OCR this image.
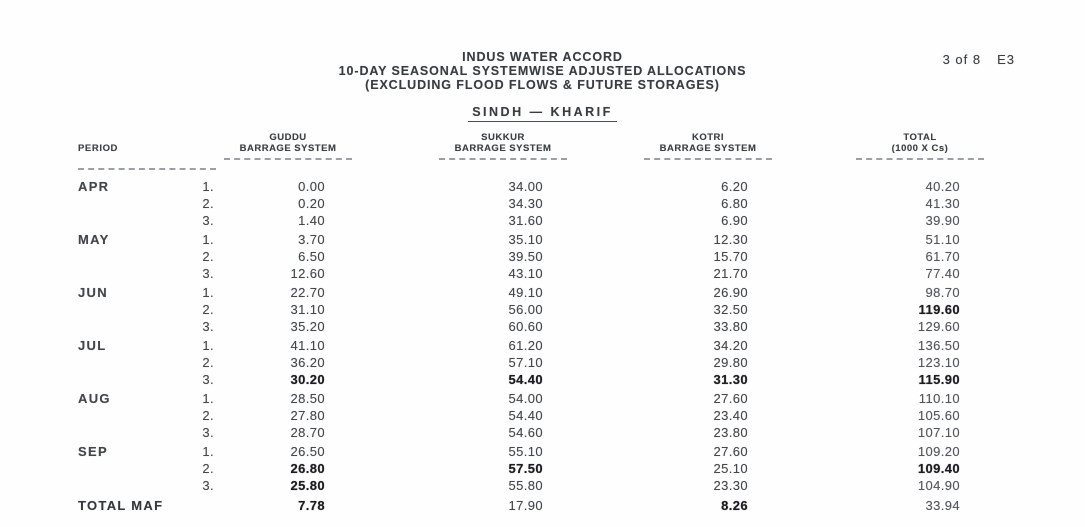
3 of 8 E3
INDUS WATER ACCORD
10-DAY SEASONAL SYSTEMWISE ADJUSTED ALLOCATIONS
(EXCLUDING FLOOD FLOWS & FUTURE STORAGES)
SINDH — KHARIF
PERIOD
GUDDU
BARRAGE SYSTEM
SUKKUR
BARRAGE SYSTEM
KOTRI
BARRAGE SYSTEM
TOTAL
(1000 X Cs)
APR	1.	0.00	34.00	6.20	40.20
2.	0.20	34.30	6.80	41.30
3.	1.40	31.60	6.90	39.90
MAY	1.	3.70	35.10	12.30	51.10
2.	6.50	39.50	15.70	61.70
3.	12.60	43.10	21.70	77.40
JUN	1.	22.70	49.10	26.90	98.70
2.	31.10	56.00	32.50	119.60
3.	35.20	60.60	33.80	129.60
JUL	1.	41.10	61.20	34.20	136.50
2.	36.20	57.10	29.80	123.10
3.	30.20	54.40	31.30	115.90
AUG	1.	28.50	54.00	27.60	110.10
2.	27.80	54.40	23.40	105.60
3.	28.70	54.60	23.80	107.10
SEP	1.	26.50	55.10	27.60	109.20
2.	26.80	57.50	25.10	109.40
3.	25.80	55.80	23.30	104.90
TOTAL MAF	7.78	17.90	8.26	33.94
